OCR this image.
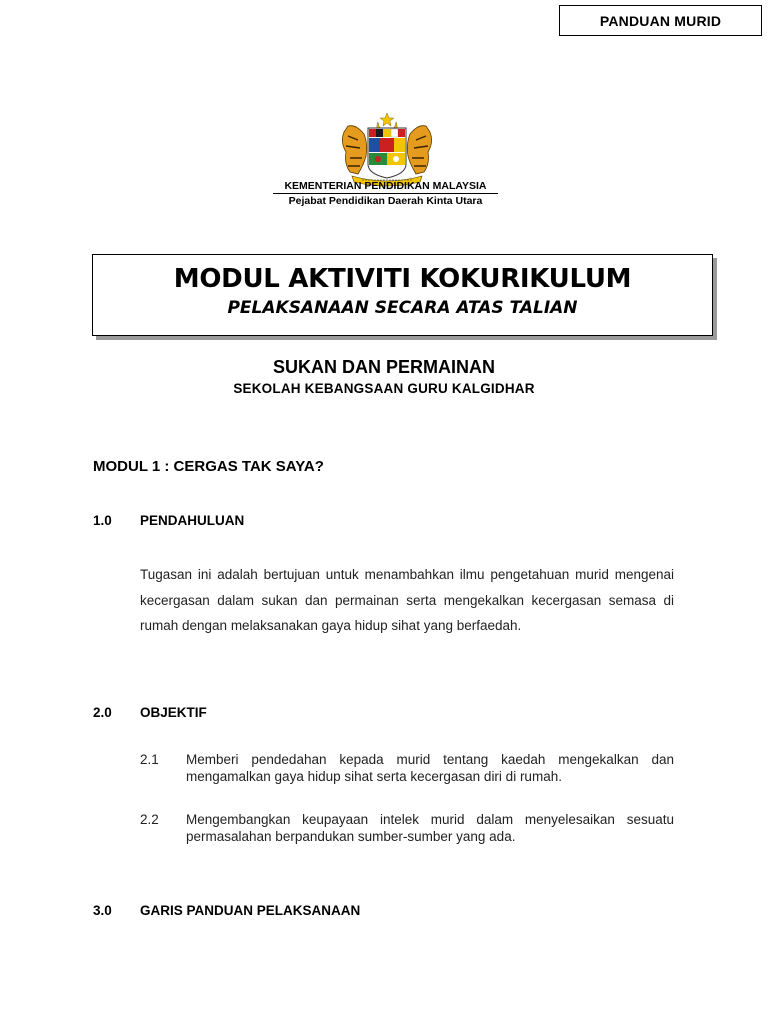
PANDUAN MURID
KEMENTERIAN PENDIDIKAN MALAYSIA
Pejabat Pendidikan Daerah Kinta Utara
MODUL AKTIVITI KOKURIKULUM
PELAKSANAAN SECARA ATAS TALIAN
SUKAN DAN PERMAINAN
SEKOLAH KEBANGSAAN GURU KALGIDHAR
MODUL 1 : CERGAS TAK SAYA?
1.0 PENDAHULUAN
Tugasan ini adalah bertujuan untuk menambahkan ilmu pengetahuan murid mengenai kecergasan dalam sukan dan permainan serta mengekalkan kecergasan semasa di rumah dengan melaksanakan gaya hidup sihat yang berfaedah.
2.0 OBJEKTIF
2.1	Memberi pendedahan kepada murid tentang kaedah mengekalkan dan mengamalkan gaya hidup sihat serta kecergasan diri di rumah.
2.2	Mengembangkan keupayaan intelek murid dalam menyelesaikan sesuatu permasalahan berpandukan sumber-sumber yang ada.
3.0 GARIS PANDUAN PELAKSANAAN
